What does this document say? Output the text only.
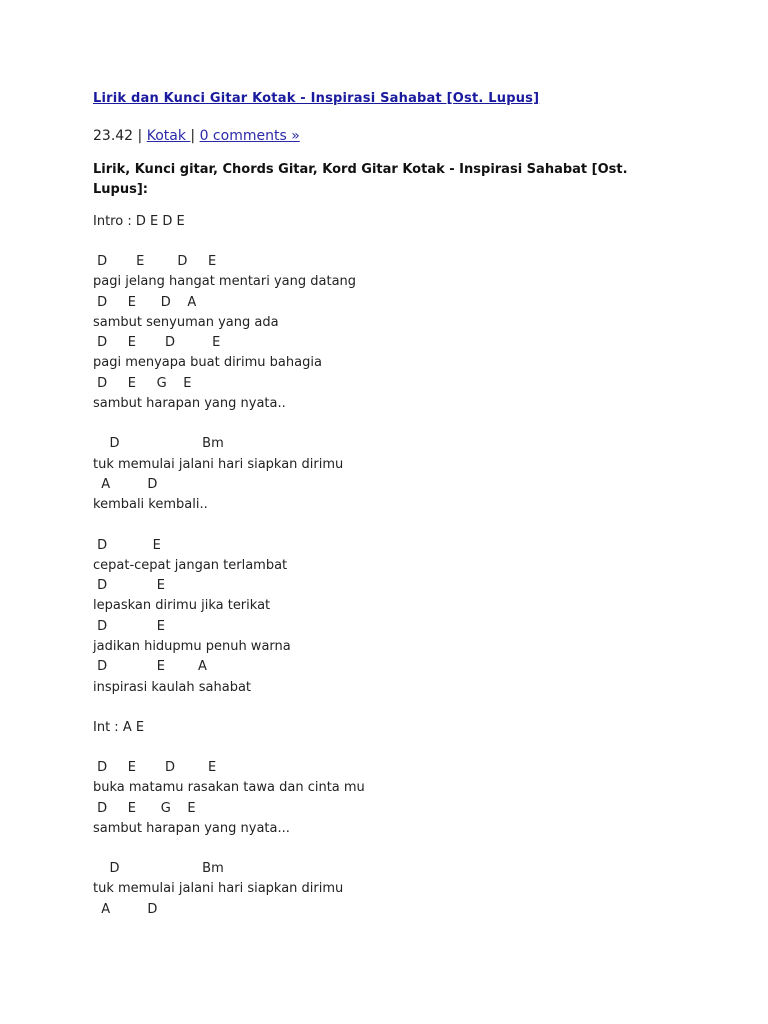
Lirik dan Kunci Gitar Kotak - Inspirasi Sahabat [Ost. Lupus]
23.42 | Kotak | 0 comments »
Lirik, Kunci gitar, Chords Gitar, Kord Gitar Kotak - Inspirasi Sahabat [Ost. Lupus]:
Intro : D E D E
D       E        D     E
pagi jelang hangat mentari yang datang
D     E      D    A
sambut senyuman yang ada
D     E       D         E
pagi menyapa buat dirimu bahagia
D     E     G    E
sambut harapan yang nyata..
D                    Bm
tuk memulai jalani hari siapkan dirimu
A         D
kembali kembali..
D           E
cepat-cepat jangan terlambat
D            E
lepaskan dirimu jika terikat
D            E
jadikan hidupmu penuh warna
D            E        A
inspirasi kaulah sahabat
Int : A E
D     E       D        E
buka matamu rasakan tawa dan cinta mu
D     E      G    E
sambut harapan yang nyata...
D                    Bm
tuk memulai jalani hari siapkan dirimu
A         D
